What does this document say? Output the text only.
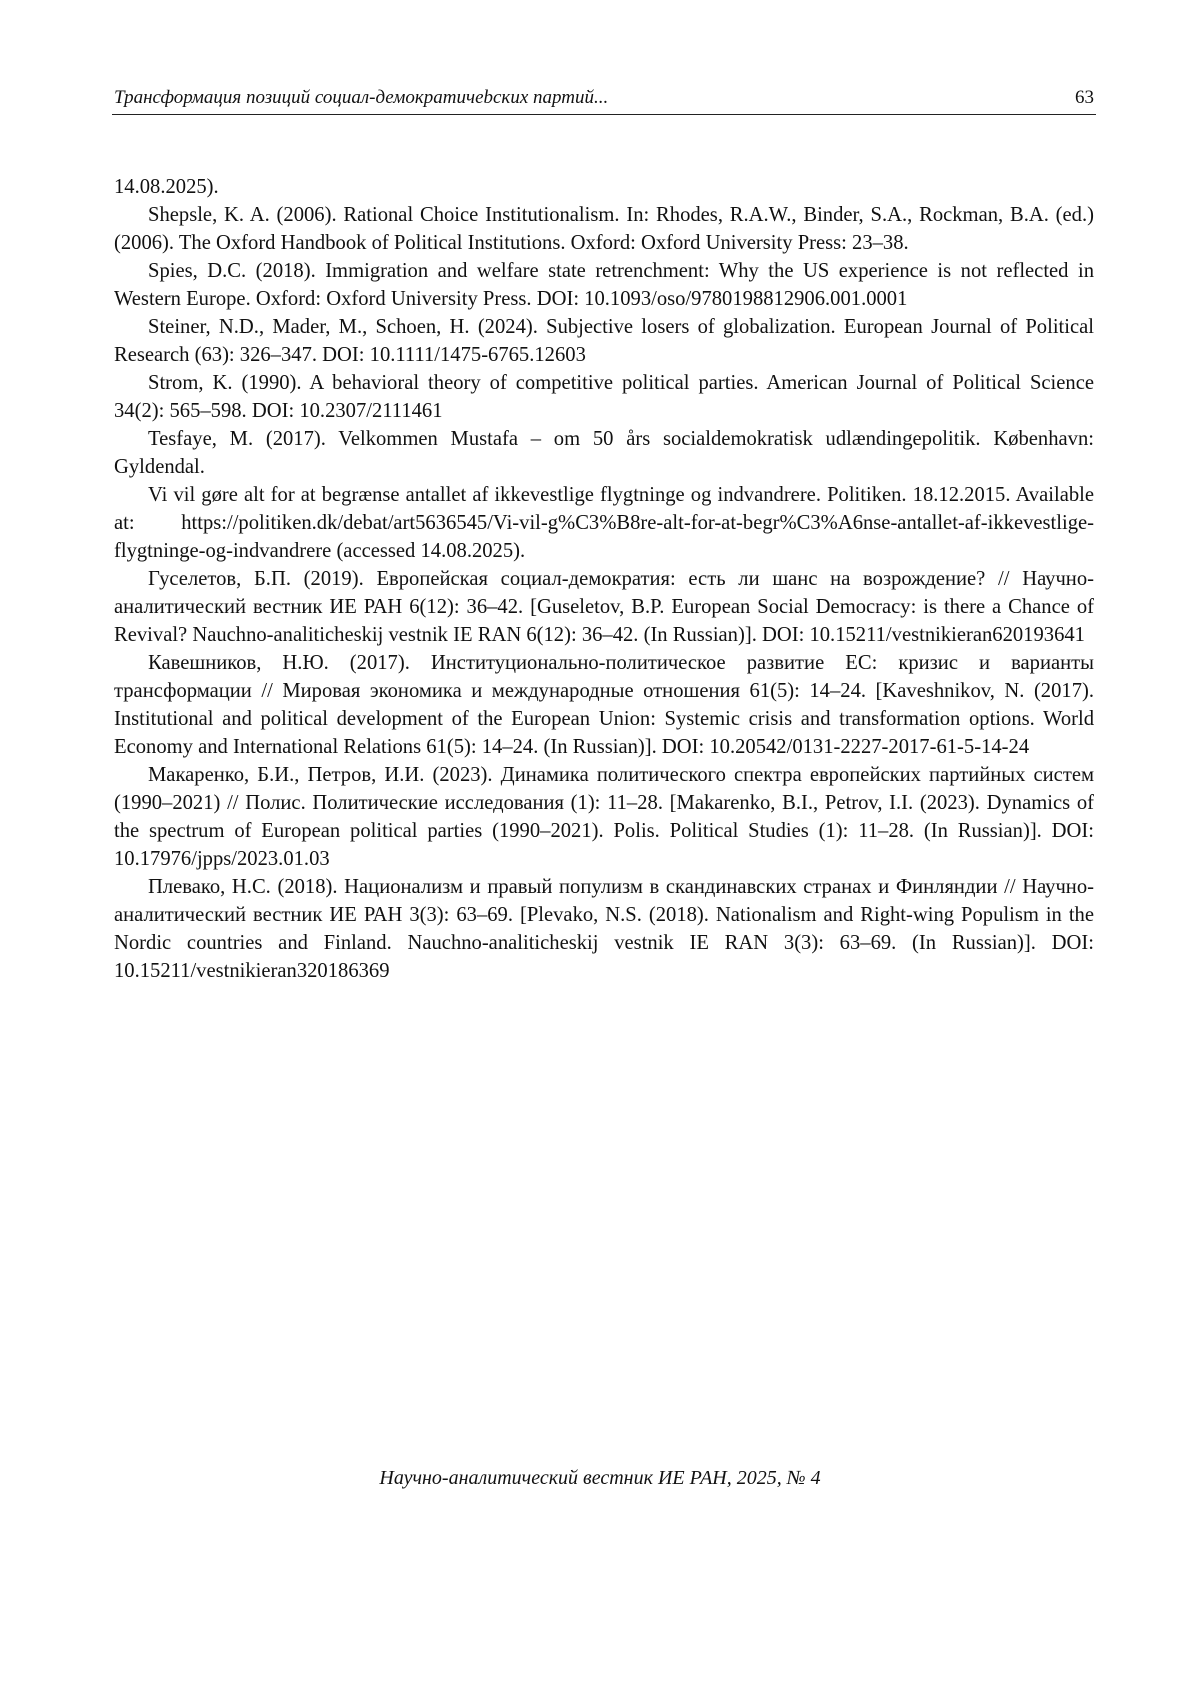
Трансформация позиций социал-демократичеbских партий...	63

14.08.2025).

Shepsle, K. A. (2006). Rational Choice Institutionalism. In: Rhodes, R.A.W., Binder, S.A., Rockman, B.A. (ed.) (2006). The Oxford Handbook of Political Institutions. Oxford: Oxford University Press: 23–38.

Spies, D.C. (2018). Immigration and welfare state retrenchment: Why the US experience is not reflected in Western Europe. Oxford: Oxford University Press. DOI: 10.1093/oso/9780198812906.001.0001

Steiner, N.D., Mader, M., Schoen, H. (2024). Subjective losers of globalization. European Journal of Political Research (63): 326–347. DOI: 10.1111/1475-6765.12603

Strom, K. (1990). A behavioral theory of competitive political parties. American Journal of Political Science 34(2): 565–598. DOI: 10.2307/2111461

Tesfaye, M. (2017). Velkommen Mustafa – om 50 års socialdemokratisk udlændingepolitik. København: Gyldendal.

Vi vil gøre alt for at begrænse antallet af ikkevestlige flygtninge og indvandrere. Politiken. 18.12.2015. Available at: https://politiken.dk/debat/art5636545/Vi-vil-g%C3%B8re-alt-for-at-​begr%C3%A6nse-antallet-af-ikkevestlige-flygtninge-og-indvandrere (accessed 14.08.2025).

Гуселетов, Б.П. (2019). Европейская социал-демократия: есть ли шанс на возрождение? // Научно-аналитический вестник ИЕ РАН 6(12): 36–42. [Guseletov, B.P. European Social Democracy: is there a Chance of Revival? Nauchno-analiticheskij vestnik IE RAN 6(12): 36–42. (In Russian)]. DOI: 10.15211/vestnikieran620193641

Кавешников, Н.Ю. (2017). Институционально-политическое развитие ЕС: кризис и варианты трансформации // Мировая экономика и международные отношения 61(5): 14–24. [Kaveshnikov, N. (2017). Institutional and political development of the European Union: Systemic crisis and transformation options. World Economy and International Relations 61(5): 14–24. (In Russian)]. DOI: 10.20542/0131-2227-2017-61-5-14-24

Макаренко, Б.И., Петров, И.И. (2023). Динамика политического спектра европейских партийных систем (1990–2021) // Полис. Политические исследования (1): 11–28. [Makarenko, B.I., Petrov, I.I. (2023). Dynamics of the spectrum of European political parties (1990–2021). Polis. Political Studies (1): 11–28. (In Russian)]. DOI: 10.17976/jpps/2023.01.03

Плевако, Н.С. (2018). Национализм и правый популизм в скандинавских странах и Финляндии // Научно-аналитический вестник ИЕ РАН 3(3): 63–69. [Plevako, N.S. (2018). Nationalism and Right-wing Populism in the Nordic countries and Finland. Nauchno-analiticheskij vestnik IE RAN 3(3): 63–69. (In Russian)]. DOI: 10.15211/vestnikieran320186369

Научно-аналитический вестник ИЕ РАН, 2025, № 4
